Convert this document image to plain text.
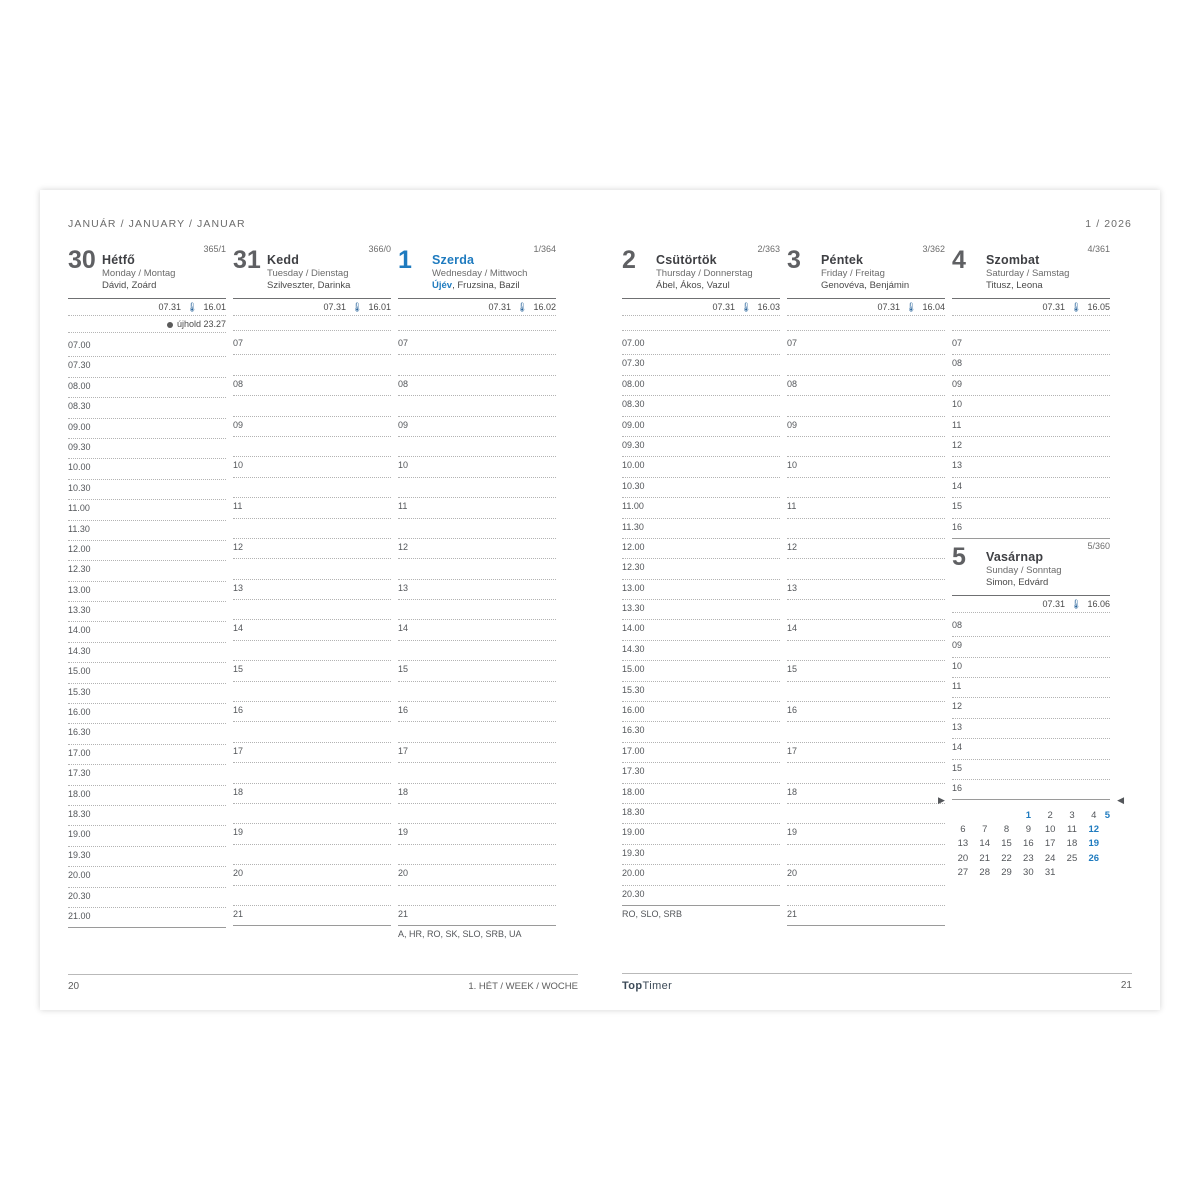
JANUÁR / JANUARY / JANUAR
365/1
30 Hétfő
Monday / Montag
Dávid, Zoárd
07.31 🌡 16.01
újhold 23.27
07.00
07.30
08.00
08.30
09.00
09.30
10.00
10.30
11.00
11.30
12.00
12.30
13.00
13.30
14.00
14.30
15.00
15.30
16.00
16.30
17.00
17.30
18.00
18.30
19.00
19.30
20.00
20.30
21.00
366/0
31 Kedd
Tuesday / Dienstag
Szilveszter, Darinka
07.31 🌡 16.01
07
08
09
10
11
12
13
14
15
16
17
18
19
20
21
1/364
1 Szerda
Wednesday / Mittwoch
Újév, Fruzsina, Bazil
07.31 🌡 16.02
07
08
09
10
11
12
13
14
15
16
17
18
19
20
21
A, HR, RO, SK, SLO, SRB, UA
20	1. HÉT / WEEK / WOCHE
1 / 2026
2/363
2 Csütörtök
Thursday / Donnerstag
Ábel, Ákos, Vazul
07.31 🌡 16.03
07.00
07.30
08.00
08.30
09.00
09.30
10.00
10.30
11.00
11.30
12.00
12.30
13.00
13.30
14.00
14.30
15.00
15.30
16.00
16.30
17.00
17.30
18.00
18.30
19.00
19.30
20.00
20.30
RO, SLO, SRB
3/362
3 Péntek
Friday / Freitag
Genovéva, Benjámin
07.31 🌡 16.04
07
08
09
10
11
12
13
14
15
16
17
18
19
20
21
4/361
4 Szombat
Saturday / Samstag
Titusz, Leona
07.31 🌡 16.05
07
08
09
10
11
12
13
14
15
16
5/360
5 Vasárnap
Sunday / Sonntag
Simon, Edvárd
07.31 🌡 16.06
08
09
10
11
12
13
14
15
16
▶	◀
			1	2	3	4	5
6	7	8	9	10	11	12	
13	14	15	16	17	18	19	
20	21	22	23	24	25	26	
27	28	29	30	31			
TopTimer	21
